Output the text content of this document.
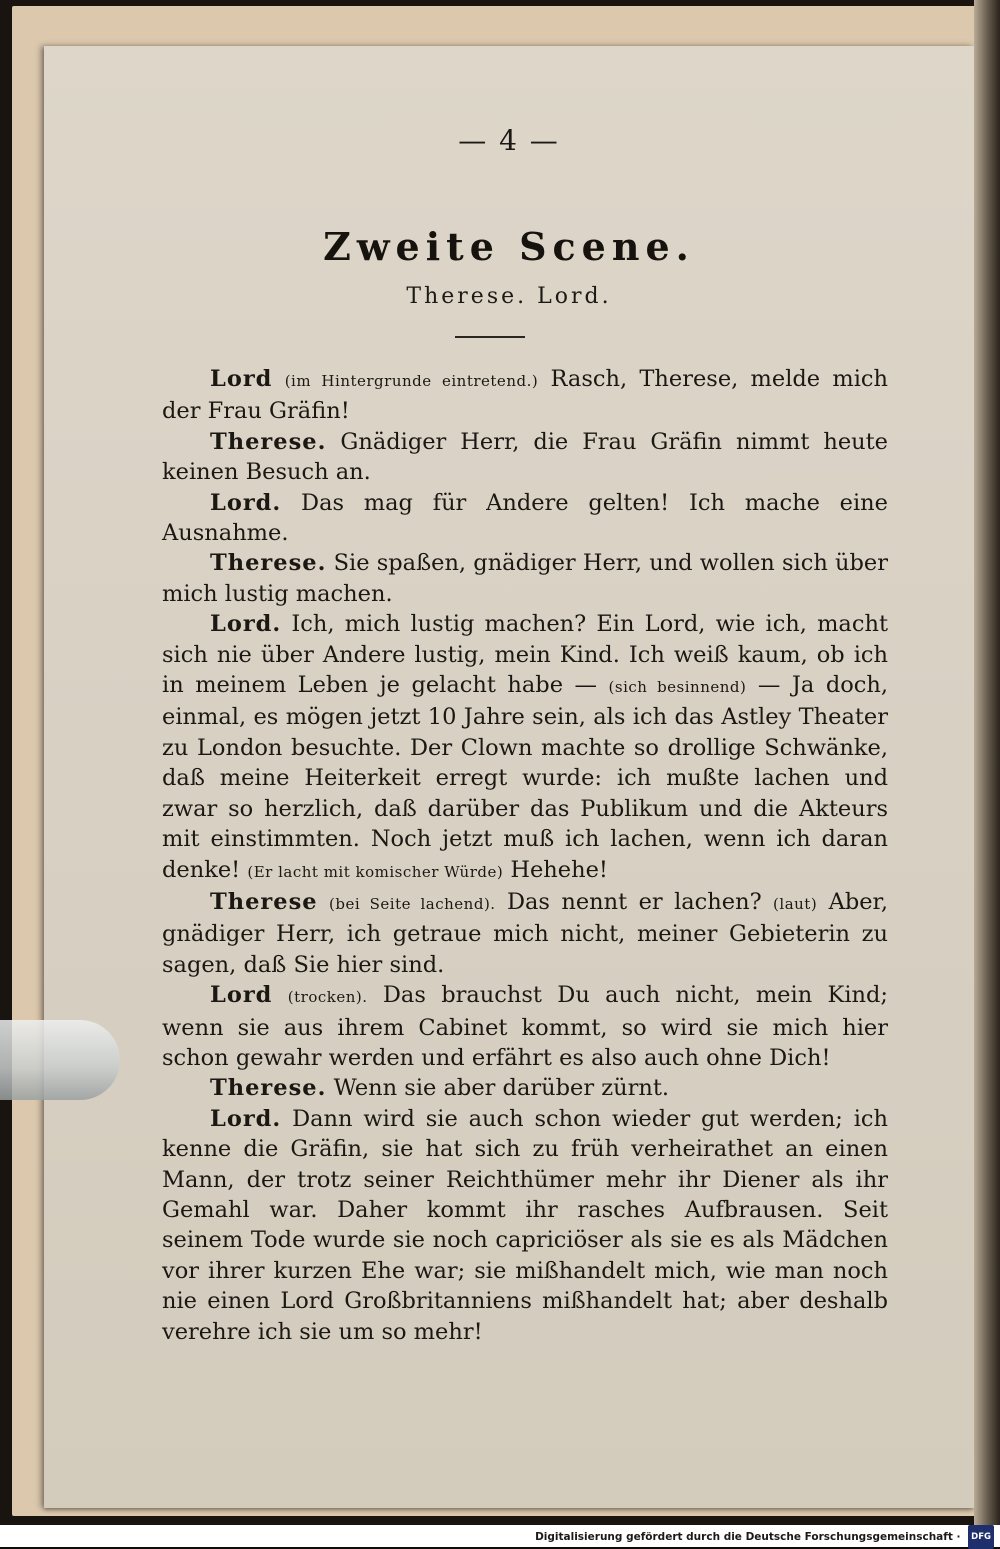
— 4 —
Zweite Scene.
Therese. Lord.

Lord (im Hintergrunde eintretend.) Rasch, Therese, melde mich der Frau Gräfin!

Therese. Gnädiger Herr, die Frau Gräfin nimmt heute keinen Besuch an.

Lord. Das mag für Andere gelten! Ich mache eine Ausnahme.

Therese. Sie spaßen, gnädiger Herr, und wollen sich über mich lustig machen.

Lord. Ich, mich lustig machen? Ein Lord, wie ich, macht sich nie über Andere lustig, mein Kind. Ich weiß kaum, ob ich in meinem Leben je gelacht habe — (sich besinnend) — Ja doch, einmal, es mögen jetzt 10 Jahre sein, als ich das Astley Theater zu London besuchte. Der Clown machte so drollige Schwänke, daß meine Heiterkeit erregt wurde: ich mußte lachen und zwar so herzlich, daß darüber das Publikum und die Akteurs mit einstimmten. Noch jetzt muß ich lachen, wenn ich daran denke! (Er lacht mit komischer Würde) Hehehe!

Therese (bei Seite lachend). Das nennt er lachen? (laut) Aber, gnädiger Herr, ich getraue mich nicht, meiner Gebieterin zu sagen, daß Sie hier sind.

Lord (trocken). Das brauchst Du auch nicht, mein Kind; wenn sie aus ihrem Cabinet kommt, so wird sie mich hier schon gewahr werden und erfährt es also auch ohne Dich!

Therese. Wenn sie aber darüber zürnt.

Lord. Dann wird sie auch schon wieder gut werden; ich kenne die Gräfin, sie hat sich zu früh verheirathet an einen Mann, der trotz seiner Reichthümer mehr ihr Diener als ihr Gemahl war. Daher kommt ihr rasches Aufbrausen. Seit seinem Tode wurde sie noch capriciöser als sie es als Mädchen vor ihrer kurzen Ehe war; sie mißhandelt mich, wie man noch nie einen Lord Großbritanniens mißhandelt hat; aber deshalb verehre ich sie um so mehr!

Digitalisierung gefördert durch die Deutsche Forschungsgemeinschaft · DFG
